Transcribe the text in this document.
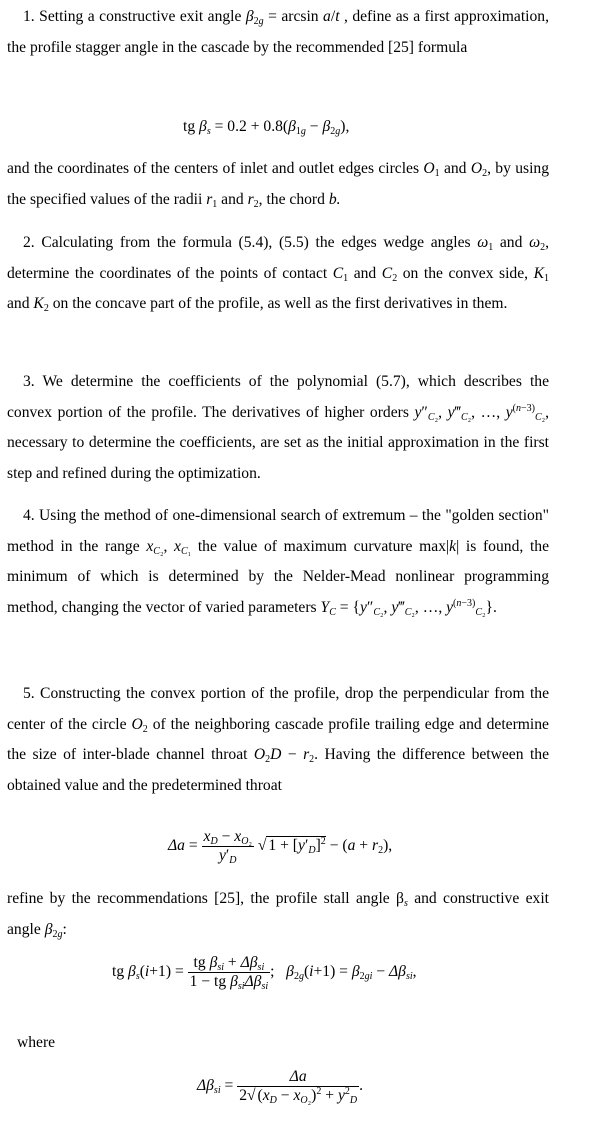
1. Setting a constructive exit angle $\beta_{2g} = \arcsin a/t$ , define as a first approximation, the profile stagger angle in the cascade by the recommended [25] formula

tg $\beta_s = 0.2 + 0.8(\beta_{1g} - \beta_{2g})$,

and the coordinates of the centers of inlet and outlet edges circles $O_1$ and $O_2$, by using the specified values of the radii $r_1$ and $r_2$, the chord b.

2. Calculating from the formula (5.4), (5.5) the edges wedge angles $\omega_1$ and $\omega_2$, determine the coordinates of the points of contact $C_1$ and $C_2$ on the convex side, $K_1$ and $K_2$ on the concave part of the profile, as well as the first derivatives in them.

3. We determine the coefficients of the polynomial (5.7), which describes the convex portion of the profile. The derivatives of higher orders $y''_{C_2}$, $y‴_{C_2}$, …, $y^{(n-3)}_{C_2}$, necessary to determine the coefficients, are set as the initial approximation in the first step and refined during the optimization.

4. Using the method of one-dimensional search of extremum – the "golden section" method in the range $x_{C_2}$, $x_{C_1}$ the value of maximum curvature max|k| is found, the minimum of which is determined by the Nelder-Mead nonlinear programming method, changing the vector of varied parameters $Y_C = \{y''_{C_2}$, $y‴_{C_2}$, …, $y^{(n-3)}_{C_2}$}.

5. Constructing the convex portion of the profile, drop the perpendicular from the center of the circle $O_2$ of the neighboring cascade profile trailing edge and determine the size of inter-blade channel throat $O_2D - r_2$. Having the difference between the obtained value and the predetermined throat

$\Delta a = \frac{x_D - x_{O_2}}{y'_D}$ √ $1 + [y'_D]^2 - (a + r_2)$,

refine by the recommendations [25], the profile stall angle $\beta_s$ and constructive exit angle $\beta_{2g}$:

tg $\beta_s(i+1) = \frac{tg \beta_{si} + \Delta\beta_{si}}{1 - tg \beta_{si}\Delta\beta_{si}}$ ;   $\beta_{2g}(i+1) = \beta_{2gi} - \Delta\beta_{si}$,
where
$\Delta\beta_{si} = \frac{\Delta a}{2√ (x_D - x_{O_2})^2 + y^2_D}$ .
